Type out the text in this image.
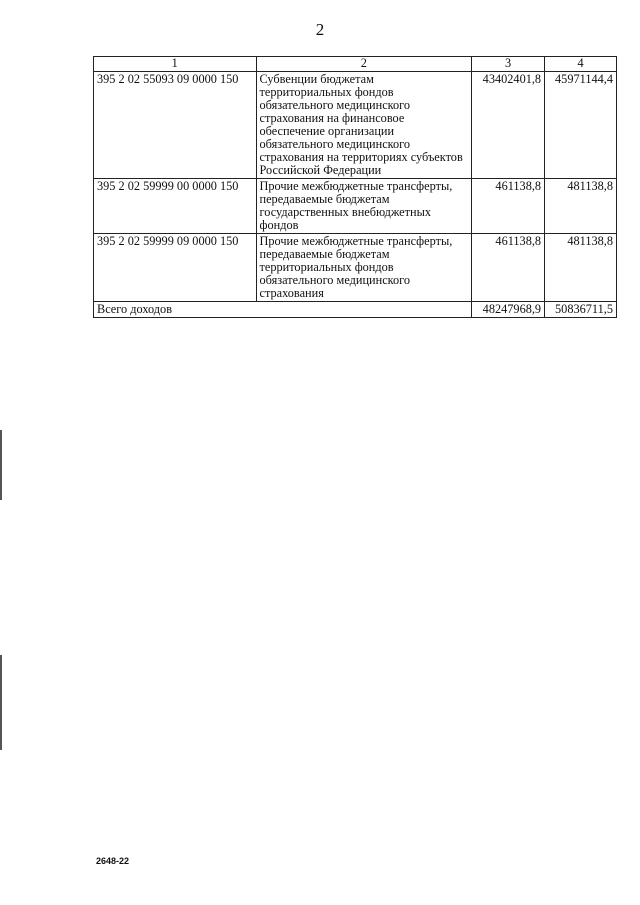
2
1	2	3	4
395 2 02 55093 09 0000 150	Субвенции бюджетам территориальных фондов обязательного медицинского страхования на финансовое обеспечение организации обязательного медицинского страхования на территориях субъектов Российской Федерации	43402401,8	45971144,4
395 2 02 59999 00 0000 150	Прочие межбюджетные трансферты, передаваемые бюджетам государственных внебюджетных фондов	461138,8	481138,8
395 2 02 59999 09 0000 150	Прочие межбюджетные трансферты, передаваемые бюджетам территориальных фондов обязательного медицинского страхования	461138,8	481138,8
Всего доходов		48247968,9	50836711,5
2648-22
